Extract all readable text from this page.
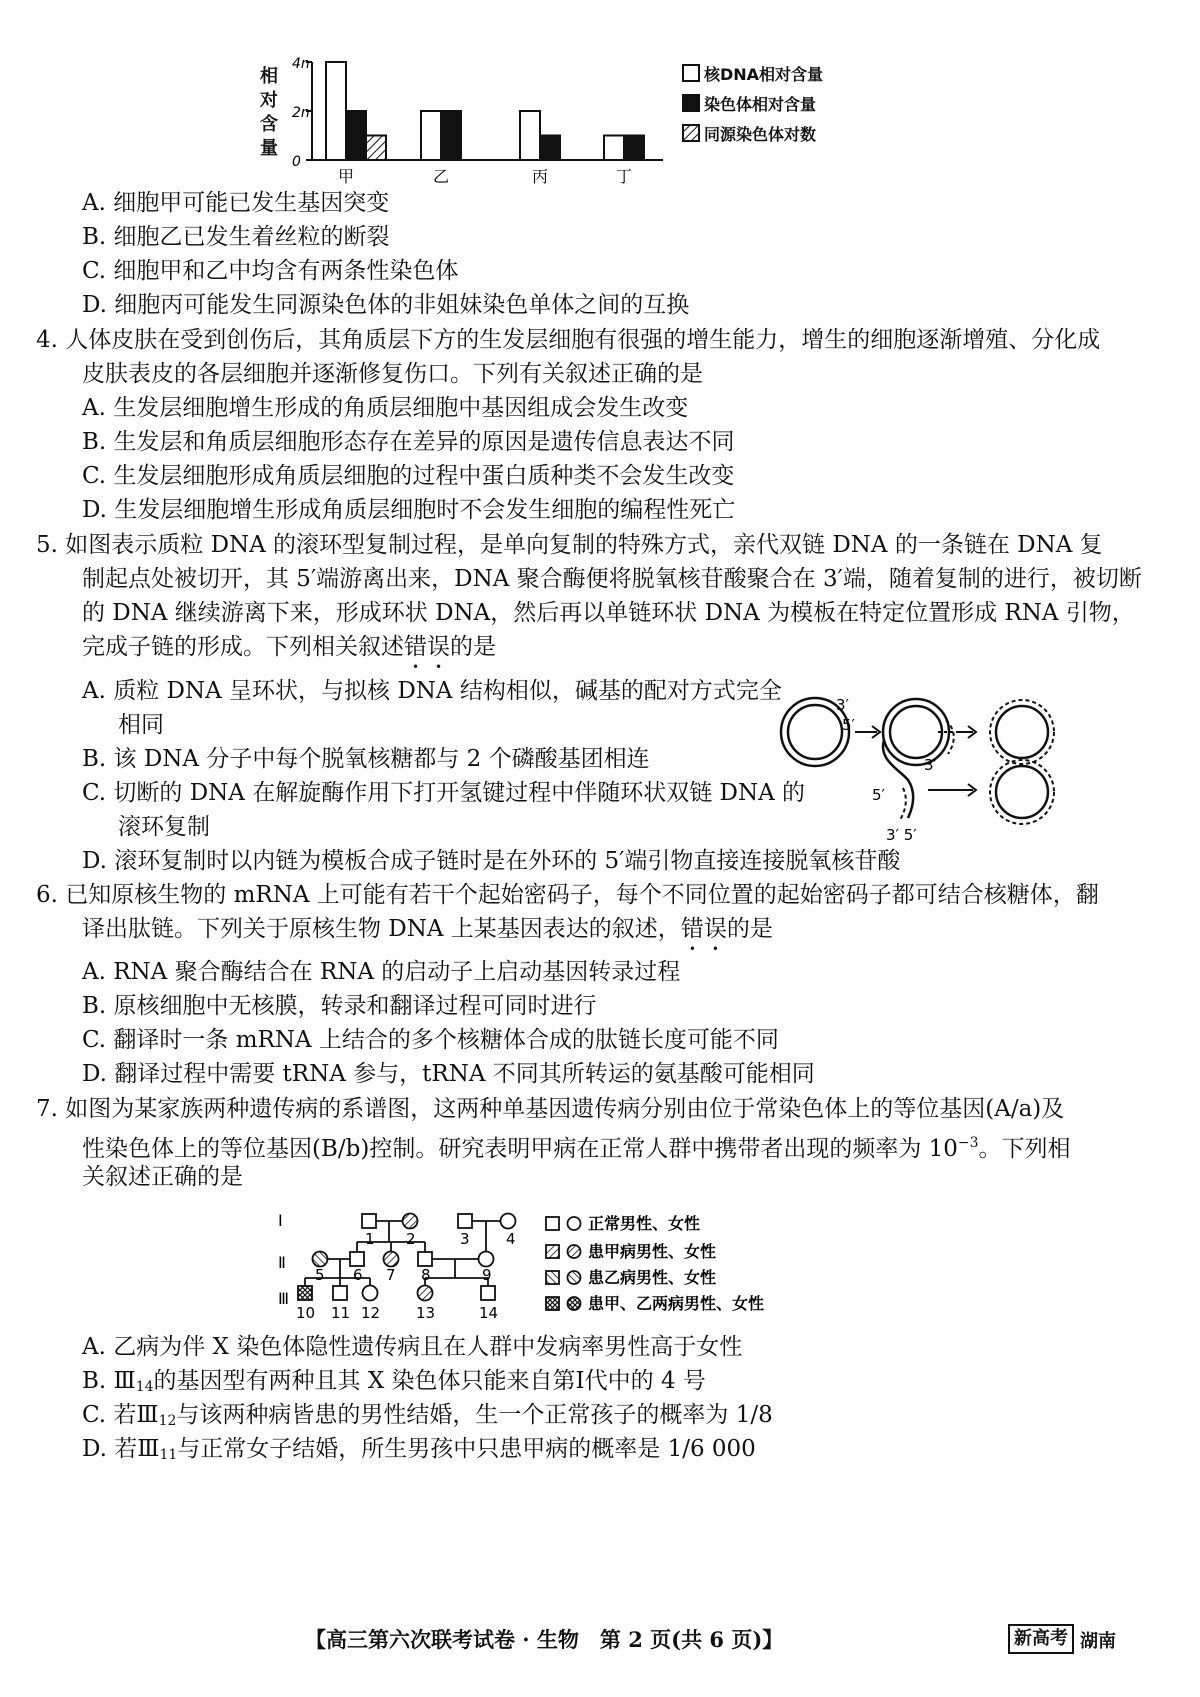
相对含量
0
2n
4n
甲	乙	丙	丁
核DNA相对含量
染色体相对含量
同源染色体对数
A. 细胞甲可能已发生基因突变
B. 细胞乙已发生着丝粒的断裂
C. 细胞甲和乙中均含有两条性染色体
D. 细胞丙可能发生同源染色体的非姐妹染色单体之间的互换
4. 人体皮肤在受到创伤后，其角质层下方的生发层细胞有很强的增生能力，增生的细胞逐渐增殖、分化成
皮肤表皮的各层细胞并逐渐修复伤口。下列有关叙述正确的是
A. 生发层细胞增生形成的角质层细胞中基因组成会发生改变
B. 生发层和角质层细胞形态存在差异的原因是遗传信息表达不同
C. 生发层细胞形成角质层细胞的过程中蛋白质种类不会发生改变
D. 生发层细胞增生形成角质层细胞时不会发生细胞的编程性死亡
5. 如图表示质粒 DNA 的滚环型复制过程，是单向复制的特殊方式，亲代双链 DNA 的一条链在 DNA 复
制起点处被切开，其 5′端游离出来，DNA 聚合酶便将脱氧核苷酸聚合在 3′端，随着复制的进行，被切断
的 DNA 继续游离下来，形成环状 DNA，然后再以单链环状 DNA 为模板在特定位置形成 RNA 引物，
完成子链的形成。下列相关叙述错误的是
A. 质粒 DNA 呈环状，与拟核 DNA 结构相似，碱基的配对方式完全
相同
B. 该 DNA 分子中每个脱氧核糖都与 2 个磷酸基团相连
C. 切断的 DNA 在解旋酶作用下打开氢键过程中伴随环状双链 DNA 的
滚环复制
D. 滚环复制时以内链为模板合成子链时是在外环的 5′端引物直接连接脱氧核苷酸
3′
5′
3′
5′
3′ 5′
6. 已知原核生物的 mRNA 上可能有若干个起始密码子，每个不同位置的起始密码子都可结合核糖体，翻
译出肽链。下列关于原核生物 DNA 上某基因表达的叙述，错误的是
A. RNA 聚合酶结合在 RNA 的启动子上启动基因转录过程
B. 原核细胞中无核膜，转录和翻译过程可同时进行
C. 翻译时一条 mRNA 上结合的多个核糖体合成的肽链长度可能不同
D. 翻译过程中需要 tRNA 参与，tRNA 不同其所转运的氨基酸可能相同
7. 如图为某家族两种遗传病的系谱图，这两种单基因遗传病分别由位于常染色体上的等位基因(A/a)及
性染色体上的等位基因(B/b)控制。研究表明甲病在正常人群中携带者出现的频率为 $10^{-3}$。下列相
关叙述正确的是
Ⅰ
Ⅱ
Ⅲ
1 2	3 4
5 6 7 8	9
10 11 12 13	14
正常男性、女性
患甲病男性、女性
患乙病男性、女性
患甲、乙两病男性、女性
A. 乙病为伴 X 染色体隐性遗传病且在人群中发病率男性高于女性
B. $Ⅲ_{14}$的基因型有两种且其 X 染色体只能来自第Ⅰ代中的 4 号
C. 若$Ⅲ_{12}$与该两种病皆患的男性结婚，生一个正常孩子的概率为 1/8
D. 若$Ⅲ_{11}$与正常女子结婚，所生男孩中只患甲病的概率是 1/6 000
【高三第六次联考试卷 · 生物　第 2 页(共 6 页)】	新高考 湖南
